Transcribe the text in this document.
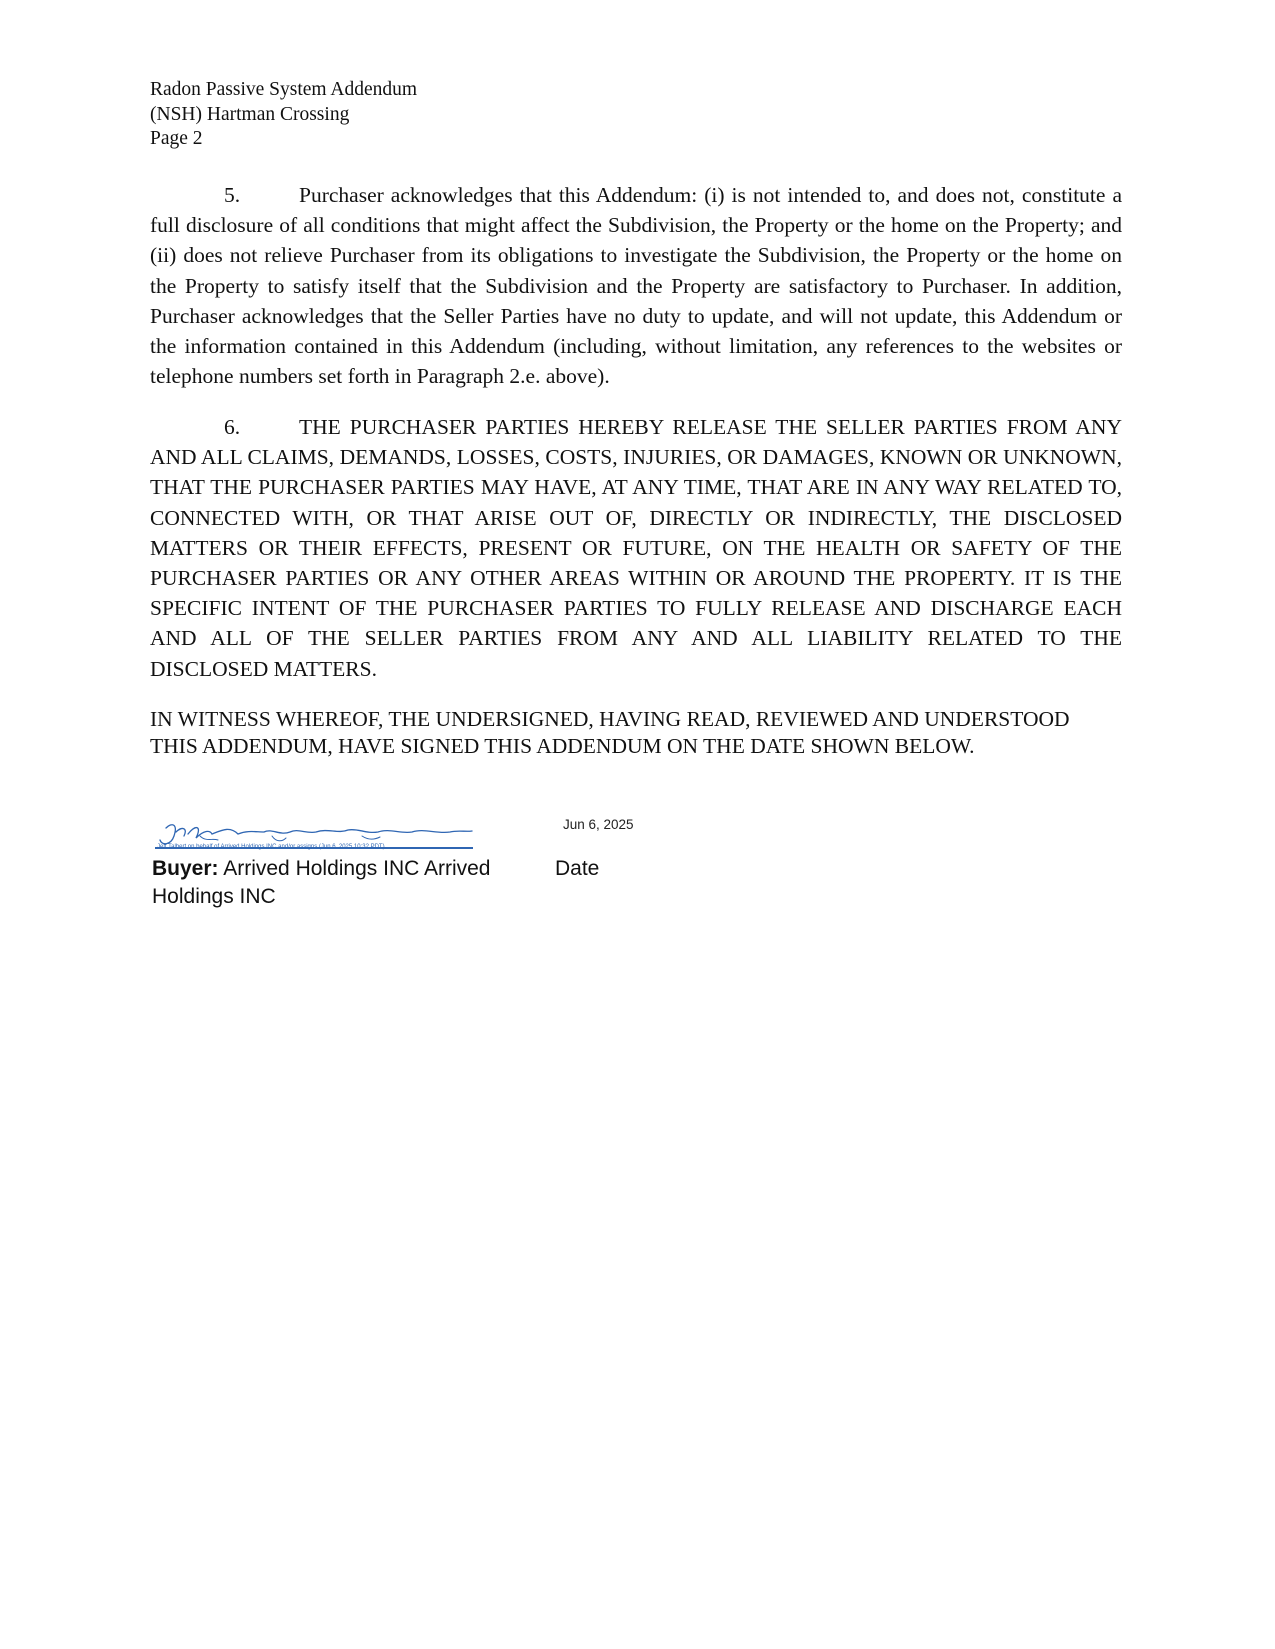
Radon Passive System Addendum
(NSH) Hartman Crossing
Page 2
5.	Purchaser acknowledges that this Addendum: (i) is not intended to, and does not, constitute a full disclosure of all conditions that might affect the Subdivision, the Property or the home on the Property; and (ii) does not relieve Purchaser from its obligations to investigate the Subdivision, the Property or the home on the Property to satisfy itself that the Subdivision and the Property are satisfactory to Purchaser. In addition, Purchaser acknowledges that the Seller Parties have no duty to update, and will not update, this Addendum or the information contained in this Addendum (including, without limitation, any references to the websites or telephone numbers set forth in Paragraph 2.e. above).
6.	THE PURCHASER PARTIES HEREBY RELEASE THE SELLER PARTIES FROM ANY AND ALL CLAIMS, DEMANDS, LOSSES, COSTS, INJURIES, OR DAMAGES, KNOWN OR UNKNOWN, THAT THE PURCHASER PARTIES MAY HAVE, AT ANY TIME, THAT ARE IN ANY WAY RELATED TO, CONNECTED WITH, OR THAT ARISE OUT OF, DIRECTLY OR INDIRECTLY, THE DISCLOSED MATTERS OR THEIR EFFECTS, PRESENT OR FUTURE, ON THE HEALTH OR SAFETY OF THE PURCHASER PARTIES OR ANY OTHER AREAS WITHIN OR AROUND THE PROPERTY. IT IS THE SPECIFIC INTENT OF THE PURCHASER PARTIES TO FULLY RELEASE AND DISCHARGE EACH AND ALL OF THE SELLER PARTIES FROM ANY AND ALL LIABILITY RELATED TO THE DISCLOSED MATTERS.
IN WITNESS WHEREOF, THE UNDERSIGNED, HAVING READ, REVIEWED AND UNDERSTOOD
THIS ADDENDUM, HAVE SIGNED THIS ADDENDUM ON THE DATE SHOWN BELOW.
Jun 6, 2025
Jeff Talbert on behalf of Arrived Holdings INC and/or assigns (Jun 6, 2025 10:32 PDT)
Buyer: Arrived Holdings INC Arrived Holdings INC
Date
